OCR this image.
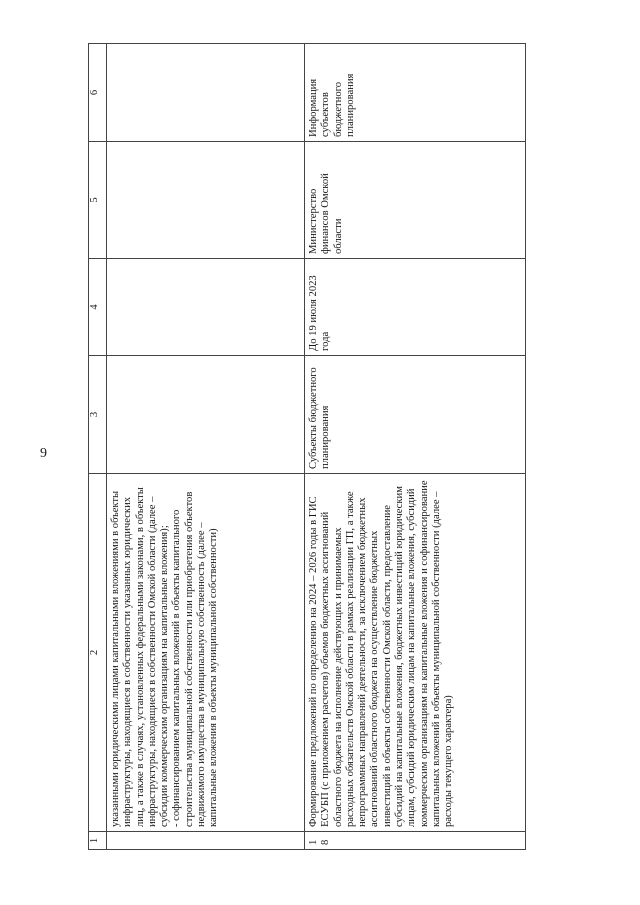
9
1	2	3	4	5	6

	указанными юридическими лицами капитальными вложениями в объекты инфраструктуры, находящиеся в собственности указанных юридических лиц, а также в случаях, установленных федеральными законами, в объекты инфраструктуры, находящиеся в собственности Омской области (далее – субсидии коммерческим организациям на капитальные вложения); - софинансированием капитальных вложений в объекты капитального строительства муниципальной собственности или приобретения объектов недвижимого имущества в муниципальную собственность (далее – капитальные вложения в объекты муниципальной собственности)				

18	Формирование предложений по определению на 2024 – 2026 годы в ГИС ЕСУБП (с приложением расчетов) объемов бюджетных ассигнований областного бюджета на исполнение действующих и принимаемых расходных обязательств Омской области в рамках реализации ГП, а также непрограммных направлений деятельности, за исключением бюджетных ассигнований областного бюджета на осуществление бюджетных инвестиций в объекты собственности Омской области, предоставление субсидий на капитальные вложения, бюджетных инвестиций юридическим лицам, субсидий юридическим лицам на капитальные вложения, субсидий коммерческим организациям на капитальные вложения и софинансирование капитальных вложений в объекты муниципальной собственности (далее – расходы текущего характера)	Субъекты бюджетного планирования	До 19 июля 2023 года	Министерство финансов Омской области	Информация субъектов бюджетного планирования
